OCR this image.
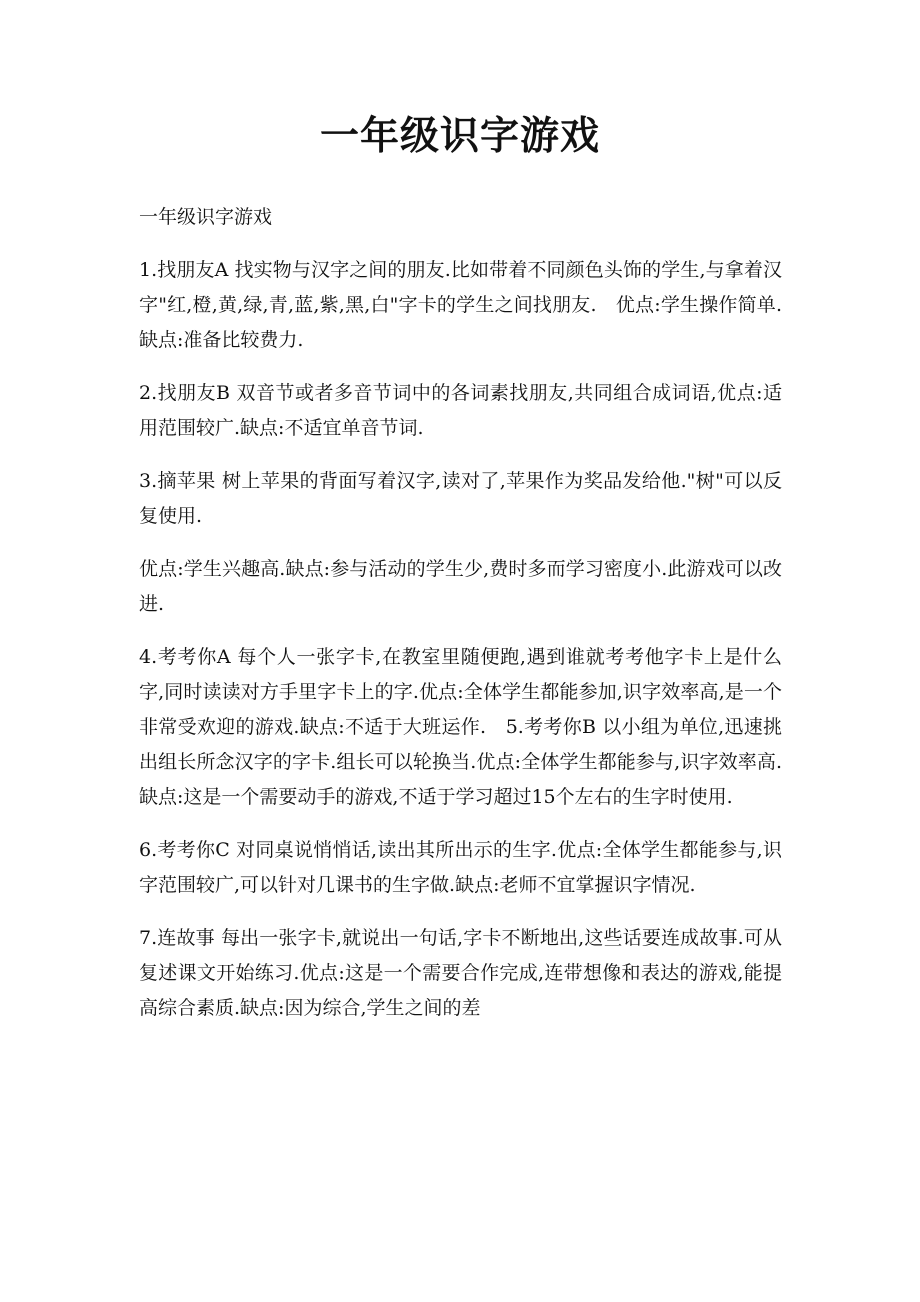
一年级识字游戏

一年级识字游戏

1.找朋友A 找实物与汉字之间的朋友.比如带着不同颜色头饰的学生,与拿着汉字"红,橙,黄,绿,青,蓝,紫,黑,白"字卡的学生之间找朋友.　优点:学生操作简单.缺点:准备比较费力.

2.找朋友B 双音节或者多音节词中的各词素找朋友,共同组合成词语,优点:适用范围较广.缺点:不适宜单音节词.

3.摘苹果 树上苹果的背面写着汉字,读对了,苹果作为奖品发给他."树"可以反复使用.

优点:学生兴趣高.缺点:参与活动的学生少,费时多而学习密度小.此游戏可以改进.

4.考考你A 每个人一张字卡,在教室里随便跑,遇到谁就考考他字卡上是什么字,同时读读对方手里字卡上的字.优点:全体学生都能参加,识字效率高,是一个非常受欢迎的游戏.缺点:不适于大班运作.　5.考考你B 以小组为单位,迅速挑出组长所念汉字的字卡.组长可以轮换当.优点:全体学生都能参与,识字效率高.缺点:这是一个需要动手的游戏,不适于学习超过15个左右的生字时使用.

6.考考你C 对同桌说悄悄话,读出其所出示的生字.优点:全体学生都能参与,识字范围较广,可以针对几课书的生字做.缺点:老师不宜掌握识字情况.

7.连故事 每出一张字卡,就说出一句话,字卡不断地出,这些话要连成故事.可从复述课文开始练习.优点:这是一个需要合作完成,连带想像和表达的游戏,能提高综合素质.缺点:因为综合,学生之间的差
